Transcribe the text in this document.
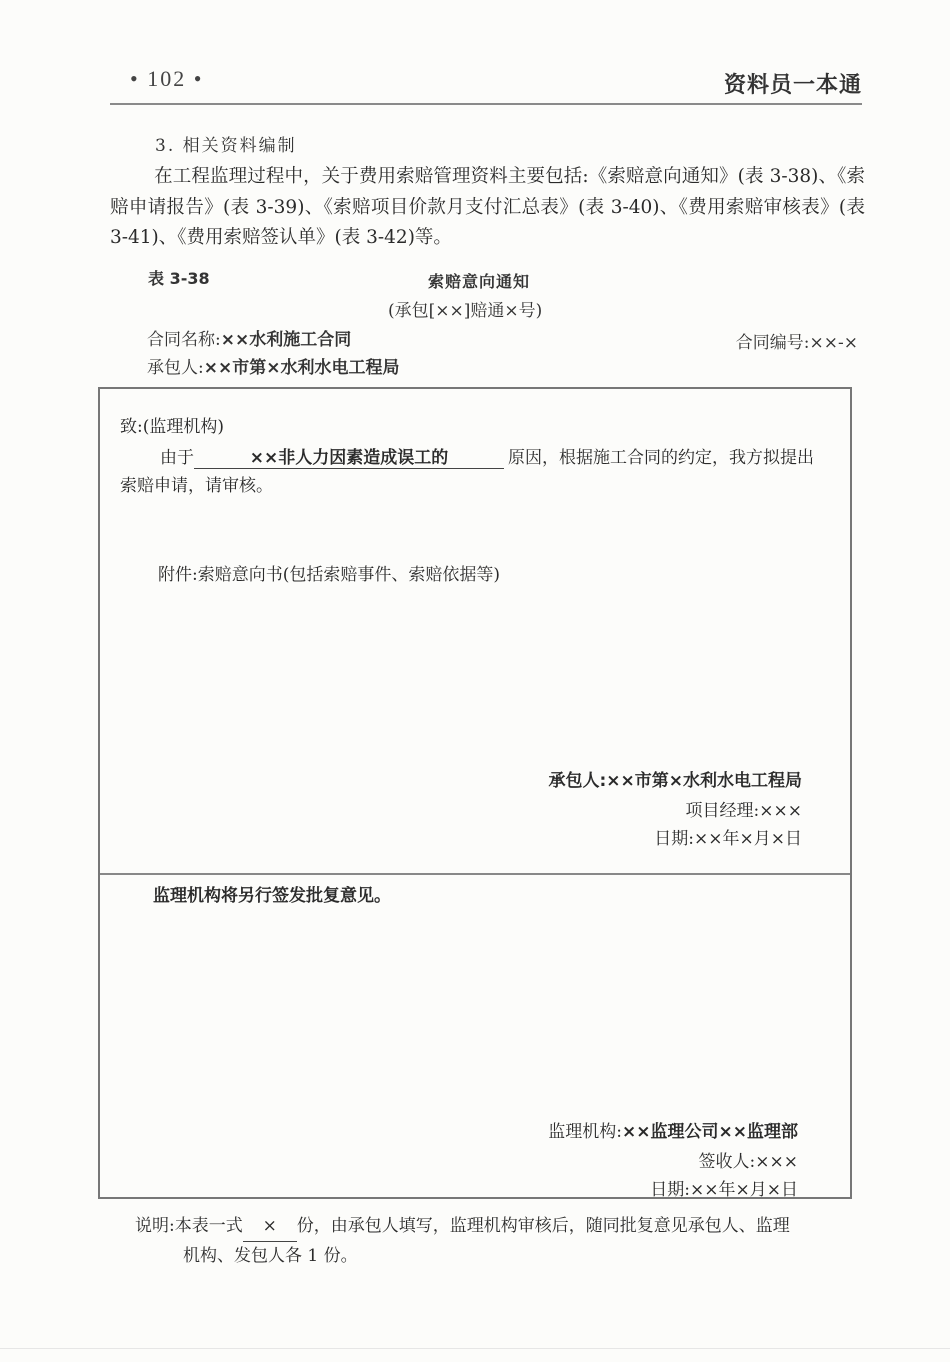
• 102 •	资料员一本通
3. 相关资料编制
在工程监理过程中，关于费用索赔管理资料主要包括:《索赔意向通知》(表 3-38)、《索赔申请报告》(表 3-39)、《索赔项目价款月支付汇总表》(表 3-40)、《费用索赔审核表》(表 3-41)、《费用索赔签认单》(表 3-42)等。
表 3-38	索赔意向通知
(承包[××]赔通×号)
合同名称:××水利施工合同	合同编号:××-×
承包人:××市第×水利水电工程局
致:(监理机构)
由于	××非人力因素造成误工的	原因，根据施工合同的约定，我方拟提出
索赔申请，请审核。
附件:索赔意向书(包括索赔事件、索赔依据等)
承包人:××市第×水利水电工程局
项目经理:×××
日期:××年×月×日
监理机构将另行签发批复意见。
监理机构:××监理公司××监理部
签收人:×××
日期:××年×月×日
说明:本表一式 × 份，由承包人填写，监理机构审核后，随同批复意见承包人、监理
机构、发包人各 1 份。
